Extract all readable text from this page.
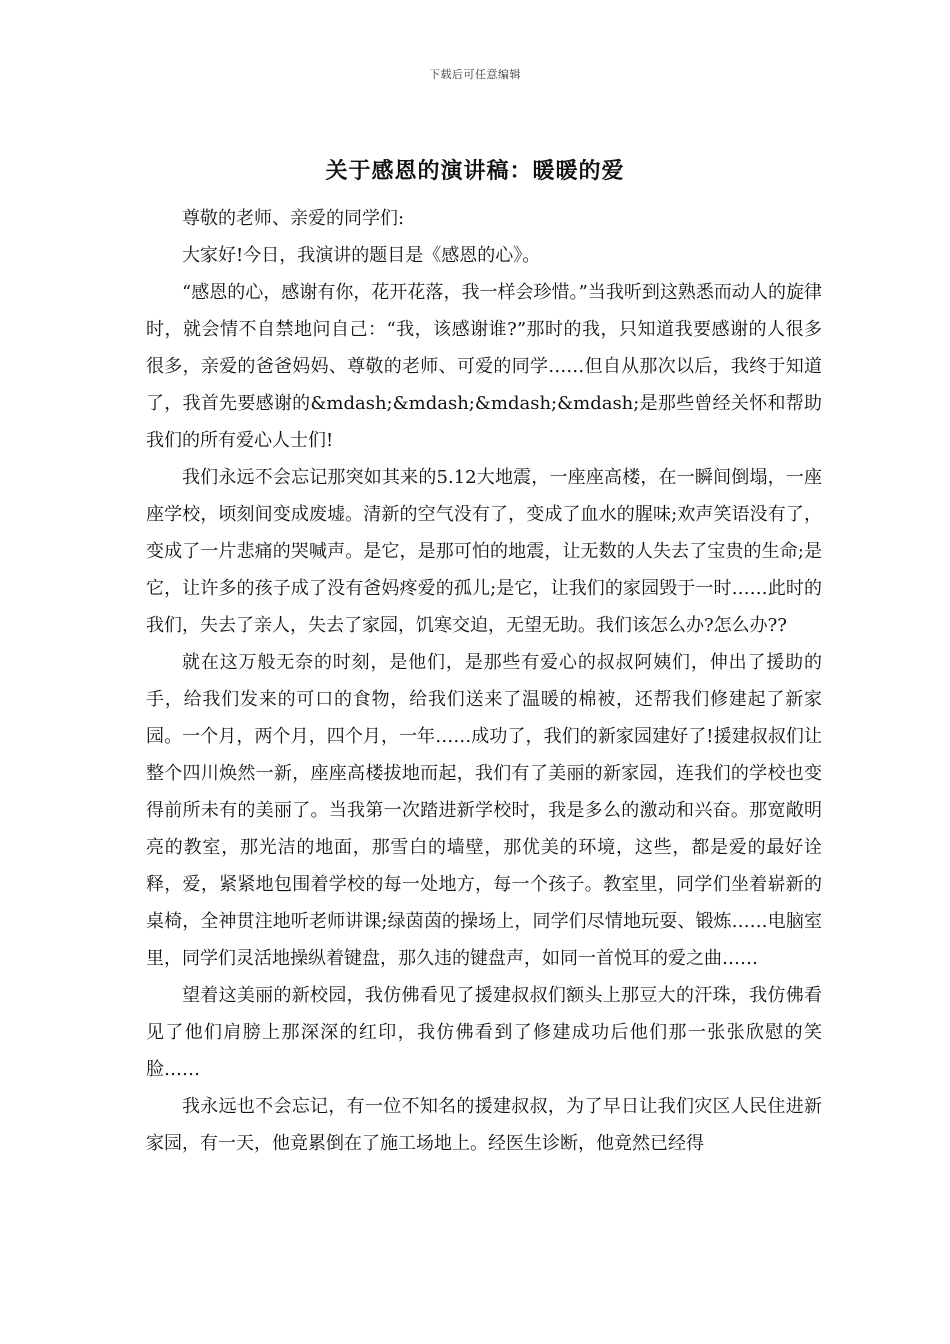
下载后可任意编辑
关于感恩的演讲稿：暖暖的爱

尊敬的老师、亲爱的同学们:

大家好!今日，我演讲的题目是《感恩的心》。

“感恩的心，感谢有你，花开花落，我一样会珍惜。”当我听到这熟悉而动人的旋律时，就会情不自禁地问自己：“我，该感谢谁?”那时的我，只知道我要感谢的人很多很多，亲爱的爸爸妈妈、尊敬的老师、可爱的同学……但自从那次以后，我终于知道了，我首先要感谢的&mdash;&mdash;&mdash;&mdash;是那些曾经关怀和帮助我们的所有爱心人士们!

我们永远不会忘记那突如其来的5.12大地震，一座座高楼，在一瞬间倒塌，一座座学校，顷刻间变成废墟。清新的空气没有了，变成了血水的腥味;欢声笑语没有了，变成了一片悲痛的哭喊声。是它，是那可怕的地震，让无数的人失去了宝贵的生命;是它，让许多的孩子成了没有爸妈疼爱的孤儿;是它，让我们的家园毁于一时……此时的我们，失去了亲人，失去了家园，饥寒交迫，无望无助。我们该怎么办?怎么办??

就在这万般无奈的时刻，是他们，是那些有爱心的叔叔阿姨们，伸出了援助的手，给我们发来的可口的食物，给我们送来了温暖的棉被，还帮我们修建起了新家园。一个月，两个月，四个月，一年……成功了，我们的新家园建好了!援建叔叔们让整个四川焕然一新，座座高楼拔地而起，我们有了美丽的新家园，连我们的学校也变得前所未有的美丽了。当我第一次踏进新学校时，我是多么的激动和兴奋。那宽敞明亮的教室，那光洁的地面，那雪白的墙壁，那优美的环境，这些，都是爱的最好诠释，爱，紧紧地包围着学校的每一处地方，每一个孩子。教室里，同学们坐着崭新的桌椅，全神贯注地听老师讲课;绿茵茵的操场上，同学们尽情地玩耍、锻炼……电脑室里，同学们灵活地操纵着键盘，那久违的键盘声，如同一首悦耳的爱之曲……

望着这美丽的新校园，我仿佛看见了援建叔叔们额头上那豆大的汗珠，我仿佛看见了他们肩膀上那深深的红印，我仿佛看到了修建成功后他们那一张张欣慰的笑脸……

我永远也不会忘记，有一位不知名的援建叔叔，为了早日让我们灾区人民住进新家园，有一天，他竟累倒在了施工场地上。经医生诊断，他竟然已经得
